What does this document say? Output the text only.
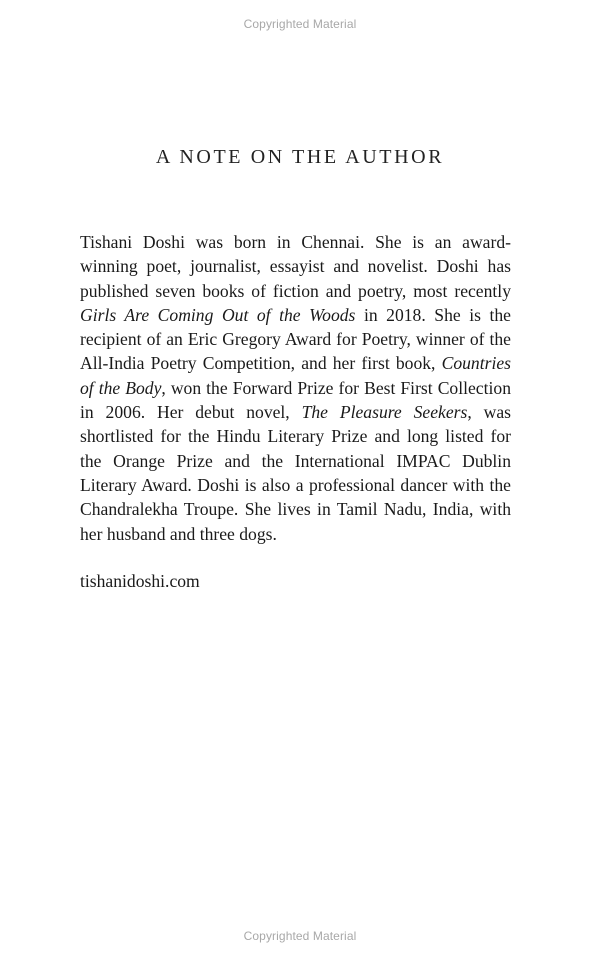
Copyrighted Material
A NOTE ON THE AUTHOR

Tishani Doshi was born in Chennai. She is an award-winning poet, journalist, essayist and novelist. Doshi has published seven books of fiction and poetry, most recently Girls Are Coming Out of the Woods in 2018. She is the recipient of an Eric Gregory Award for Poetry, winner of the All-India Poetry Competition, and her first book, Countries of the Body, won the Forward Prize for Best First Collection in 2006. Her debut novel, The Pleasure Seekers, was shortlisted for the Hindu Literary Prize and long listed for the Orange Prize and the International IMPAC Dublin Literary Award. Doshi is also a professional dancer with the Chandralekha Troupe. She lives in Tamil Nadu, India, with her husband and three dogs.

tishanidoshi.com

Copyrighted Material
